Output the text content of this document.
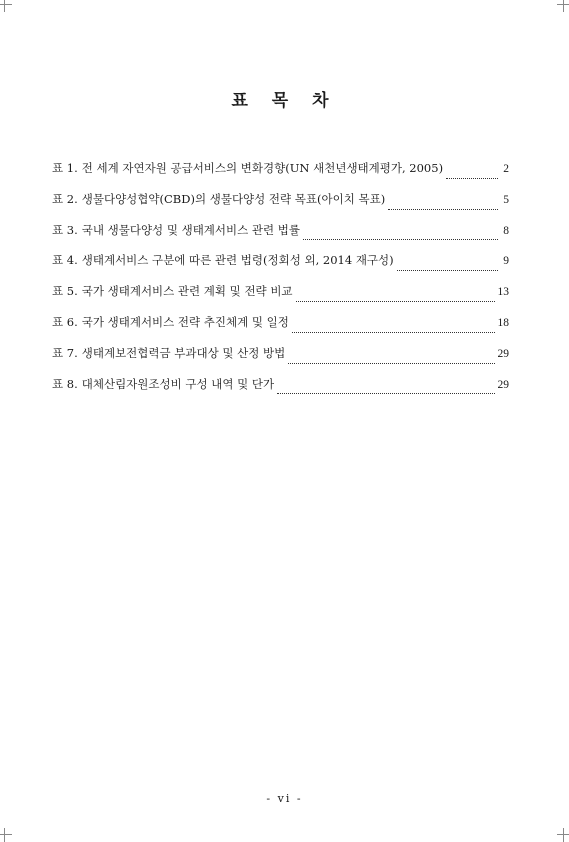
표 목 차
표 1. 전 세계 자연자원 공급서비스의 변화경향(UN 새천년생태계평가, 2005)	2
표 2. 생물다양성협약(CBD)의 생물다양성 전략 목표(아이치 목표)	5
표 3. 국내 생물다양성 및 생태계서비스 관련 법률	8
표 4. 생태계서비스 구분에 따른 관련 법령(정회성 외, 2014 재구성)	9
표 5. 국가 생태계서비스 관련 계획 및 전략 비교	13
표 6. 국가 생태계서비스 전략 추진체계 및 일정	18
표 7. 생태계보전협력금 부과대상 및 산정 방법	29
표 8. 대체산림자원조성비 구성 내역 및 단가	29
- vi -
